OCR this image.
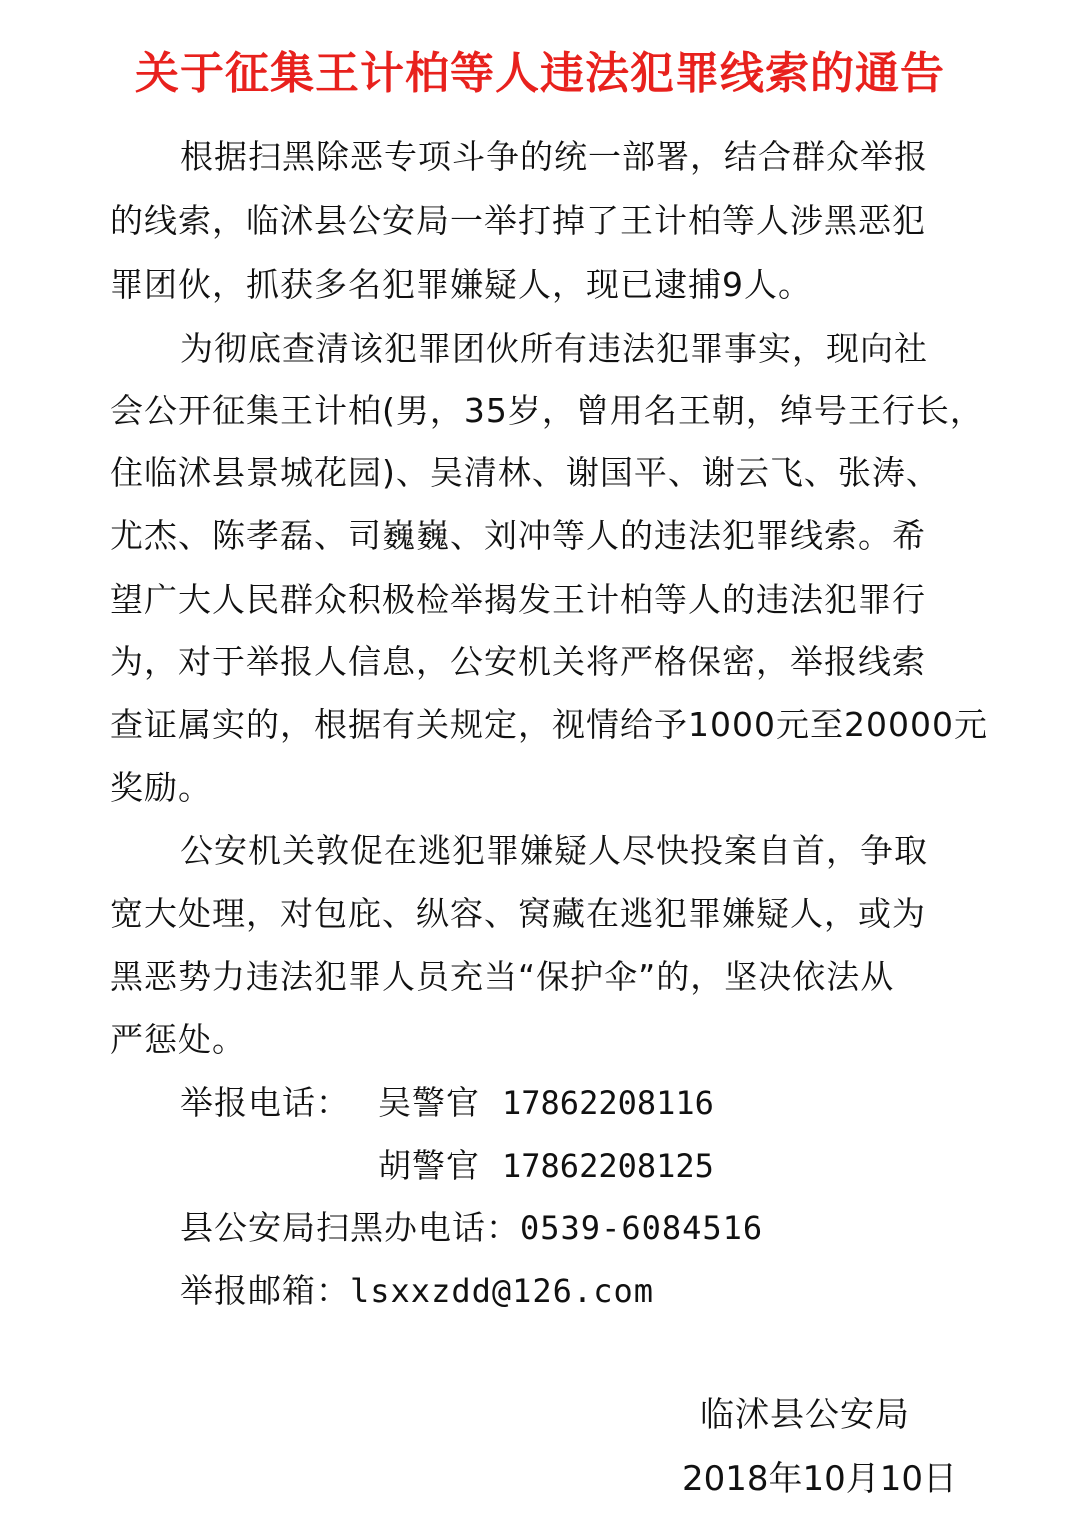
关于征集王计柏等人违法犯罪线索的通告
根据扫黑除恶专项斗争的统一部署，结合群众举报
的线索，临沭县公安局一举打掉了王计柏等人涉黑恶犯
罪团伙，抓获多名犯罪嫌疑人，现已逮捕9人。
为彻底查清该犯罪团伙所有违法犯罪事实，现向社
会公开征集王计柏(男，35岁，曾用名王朝，绰号王行长，
住临沭县景城花园)、吴清林、谢国平、谢云飞、张涛、
尤杰、陈孝磊、司巍巍、刘冲等人的违法犯罪线索。希
望广大人民群众积极检举揭发王计柏等人的违法犯罪行
为，对于举报人信息，公安机关将严格保密，举报线索
查证属实的，根据有关规定，视情给予1000元至20000元
奖励。
公安机关敦促在逃犯罪嫌疑人尽快投案自首，争取
宽大处理，对包庇、纵容、窝藏在逃犯罪嫌疑人，或为
黑恶势力违法犯罪人员充当“保护伞”的，坚决依法从
严惩处。
举报电话： 吴警官 17862208116
胡警官 17862208125
县公安局扫黑办电话：0539-6084516
举报邮箱：lsxxzdd@126.com
临沭县公安局
2018年10月10日
